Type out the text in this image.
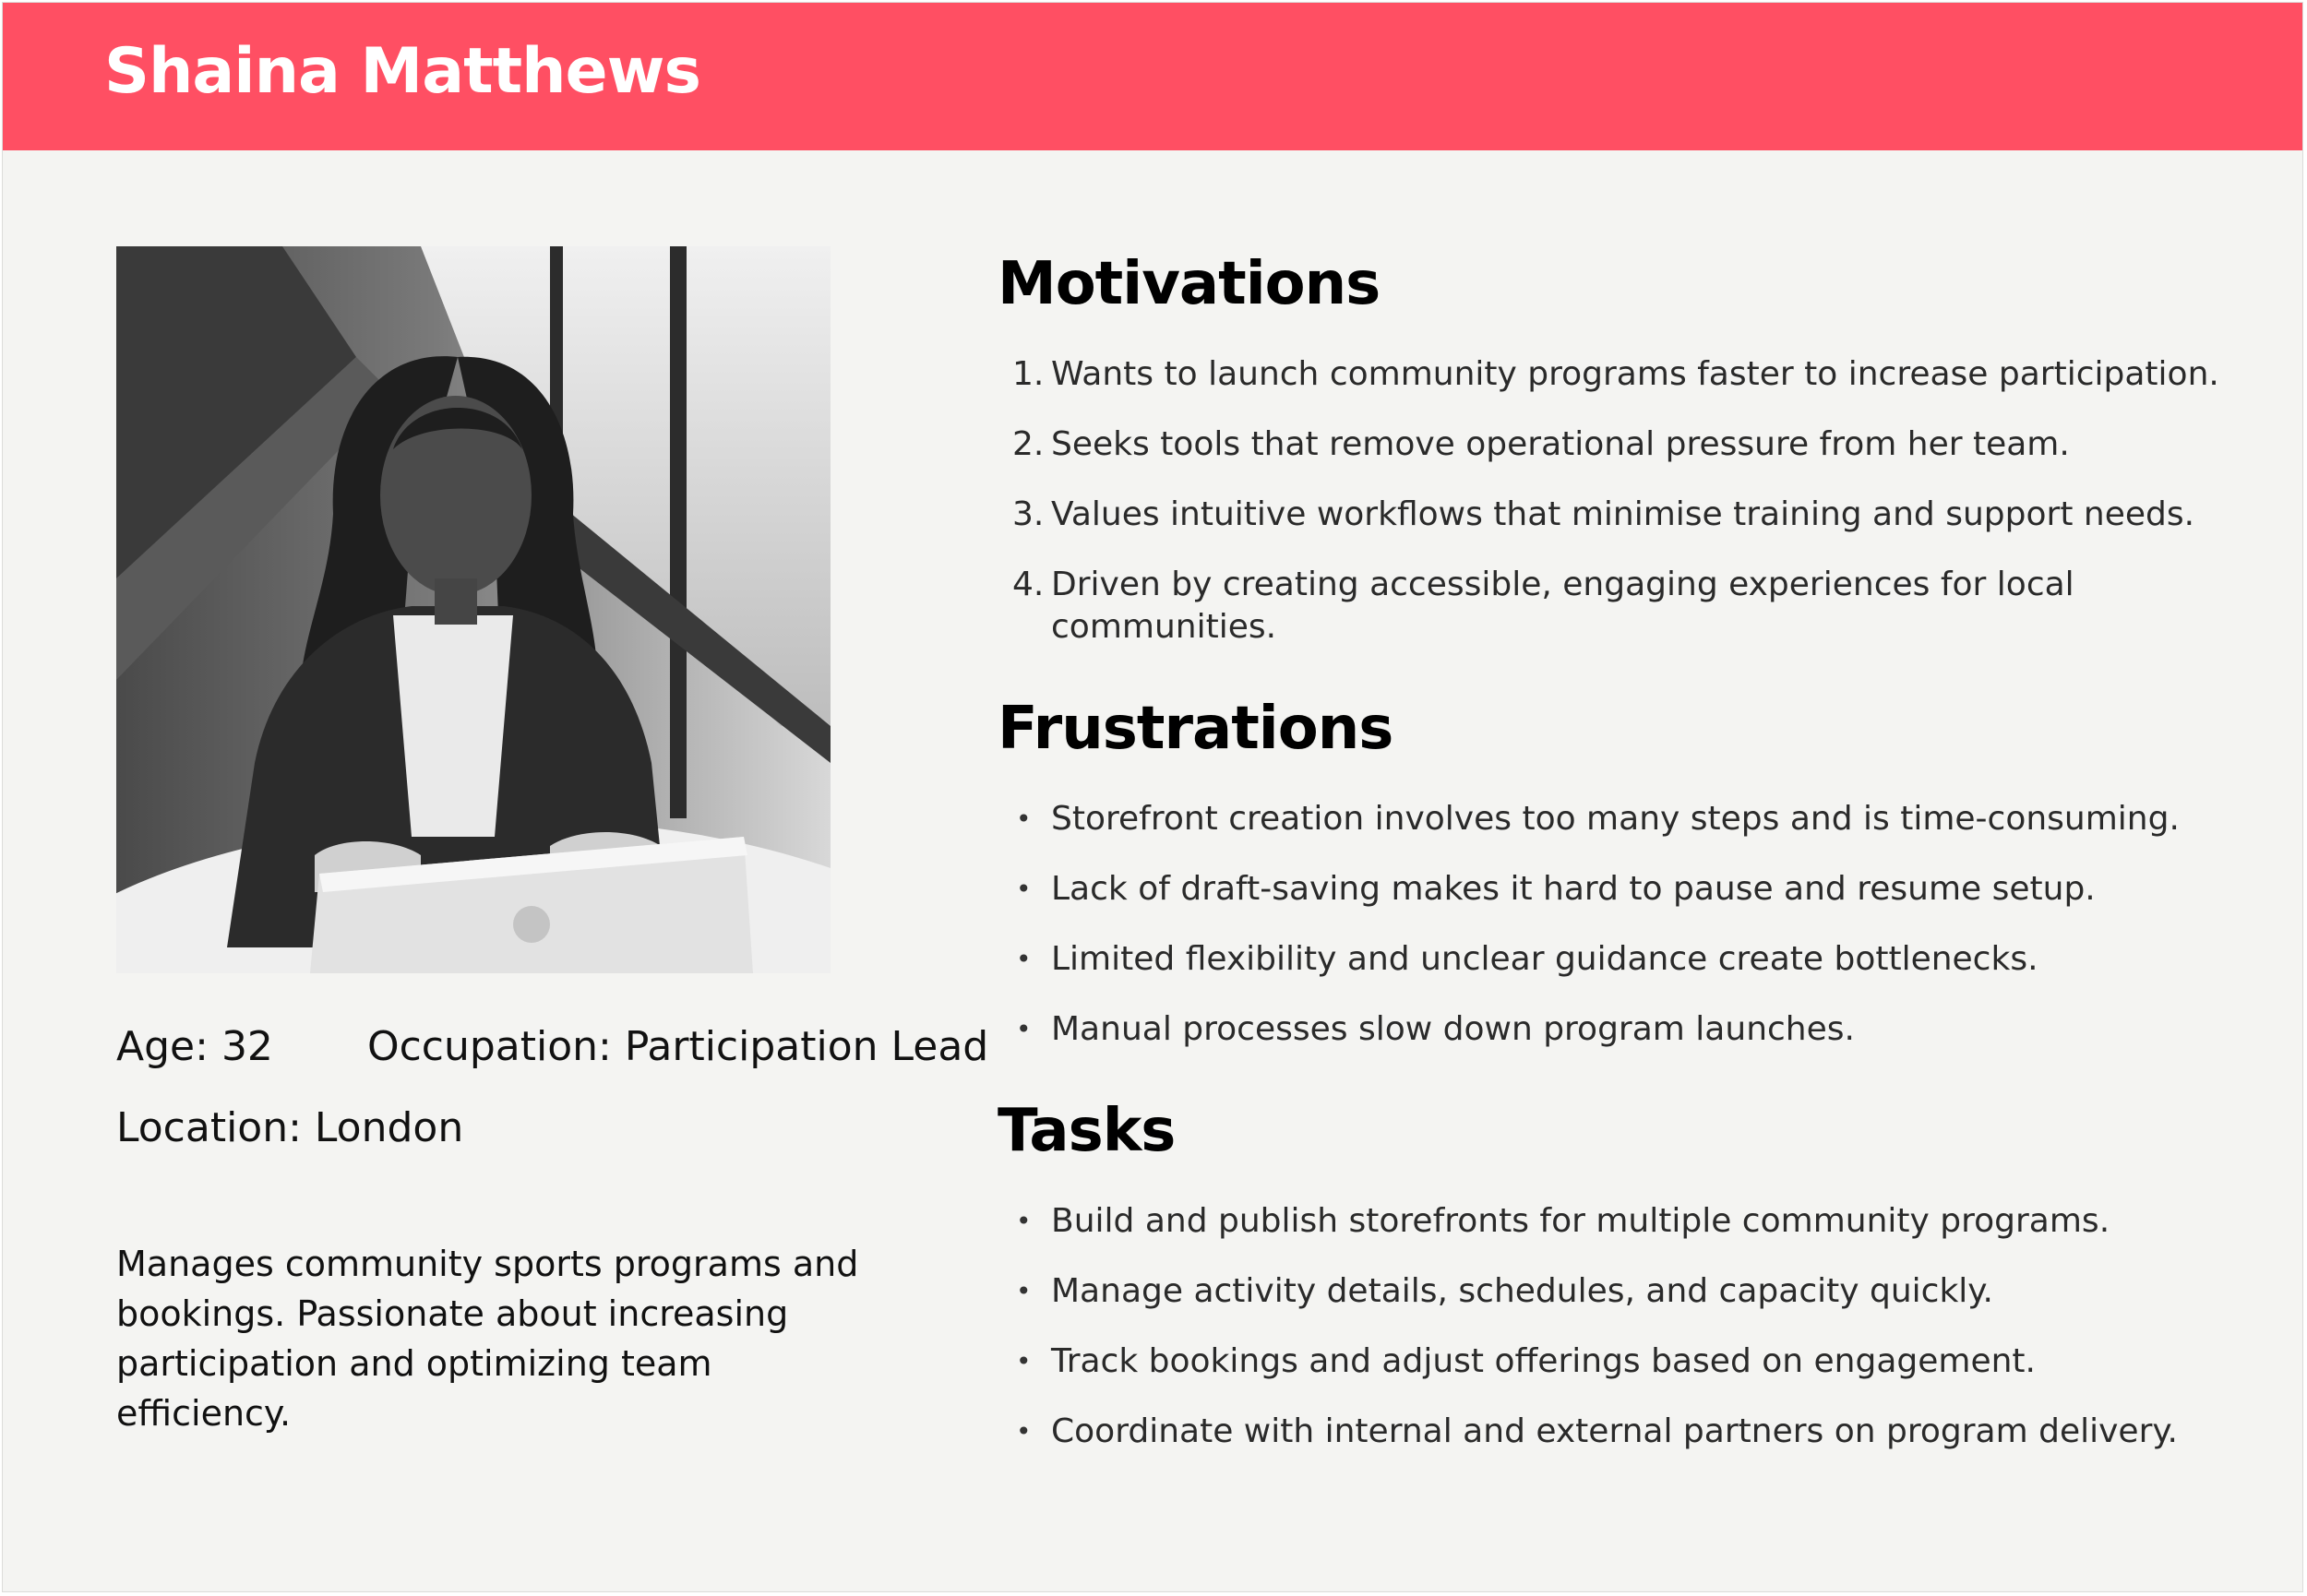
Shaina Matthews
Age: 32 Occupation: Participation Lead
Location: London

Manages community sports programs and bookings. Passionate about increasing participation and optimizing team efficiency.

Motivations
1. Wants to launch community programs faster to increase participation.
2. Seeks tools that remove operational pressure from her team.
3. Values intuitive workflows that minimise training and support needs.
4. Driven by creating accessible, engaging experiences for local communities.
Frustrations
• Storefront creation involves too many steps and is time-consuming.
• Lack of draft-saving makes it hard to pause and resume setup.
• Limited flexibility and unclear guidance create bottlenecks.
• Manual processes slow down program launches.
Tasks
• Build and publish storefronts for multiple community programs.
• Manage activity details, schedules, and capacity quickly.
• Track bookings and adjust offerings based on engagement.
• Coordinate with internal and external partners on program delivery.
